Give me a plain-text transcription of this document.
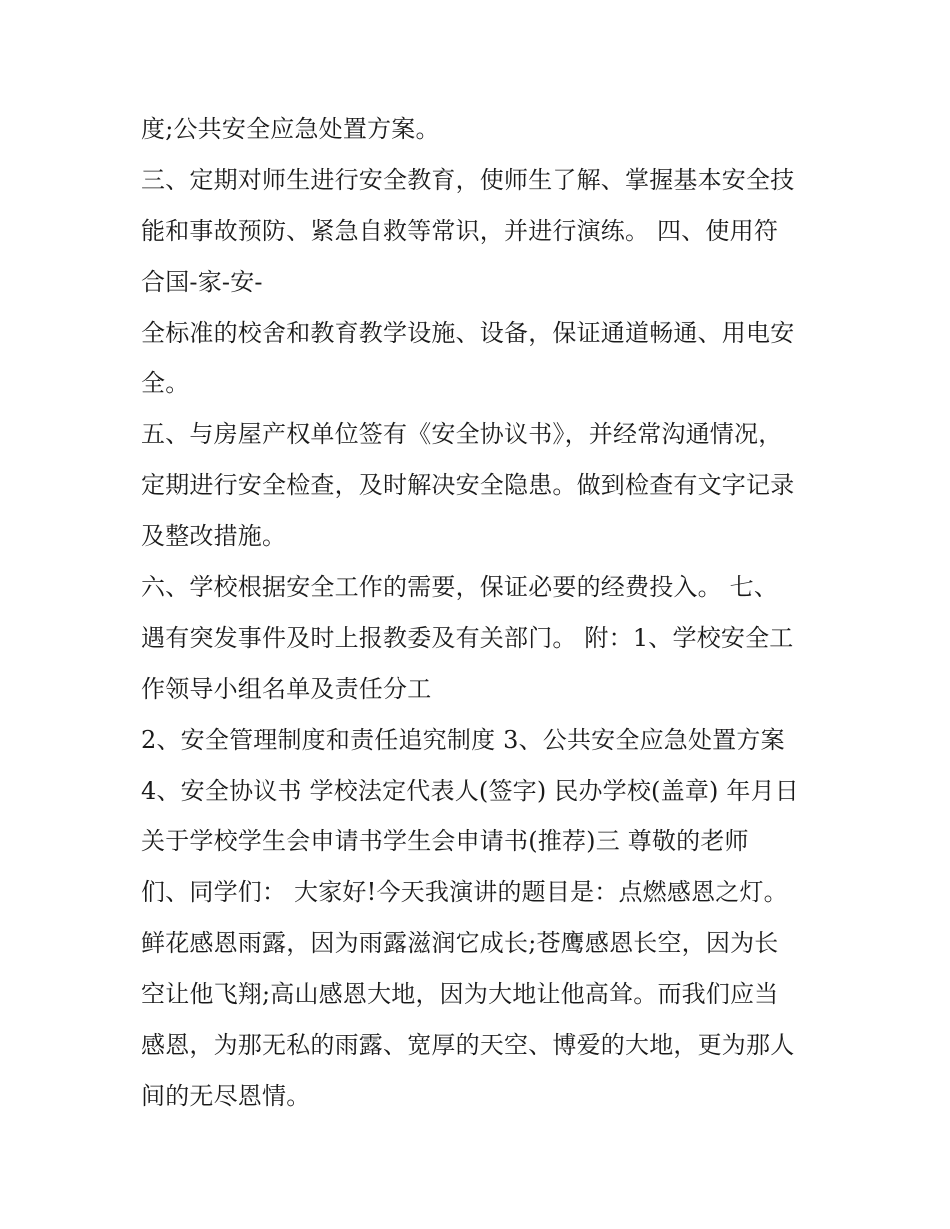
度;公共安全应急处置方案。
三、定期对师生进行安全教育，使师生了解、掌握基本安全技
能和事故预防、紧急自救等常识，并进行演练。 四、使用符
合国-家-安-
全标准的校舍和教育教学设施、设备，保证通道畅通、用电安
全。
五、与房屋产权单位签有《安全协议书》，并经常沟通情况，
定期进行安全检查，及时解决安全隐患。做到检查有文字记录
及整改措施。
六、学校根据安全工作的需要，保证必要的经费投入。 七、
遇有突发事件及时上报教委及有关部门。 附：1、学校安全工
作领导小组名单及责任分工
2、安全管理制度和责任追究制度 3、公共安全应急处置方案
4、安全协议书 学校法定代表人(签字) 民办学校(盖章) 年月日
关于学校学生会申请书学生会申请书(推荐)三 尊敬的老师
们、同学们： 大家好!今天我演讲的题目是：点燃感恩之灯。
鲜花感恩雨露，因为雨露滋润它成长;苍鹰感恩长空，因为长
空让他飞翔;高山感恩大地，因为大地让他高耸。而我们应当
感恩，为那无私的雨露、宽厚的天空、博爱的大地，更为那人
间的无尽恩情。
